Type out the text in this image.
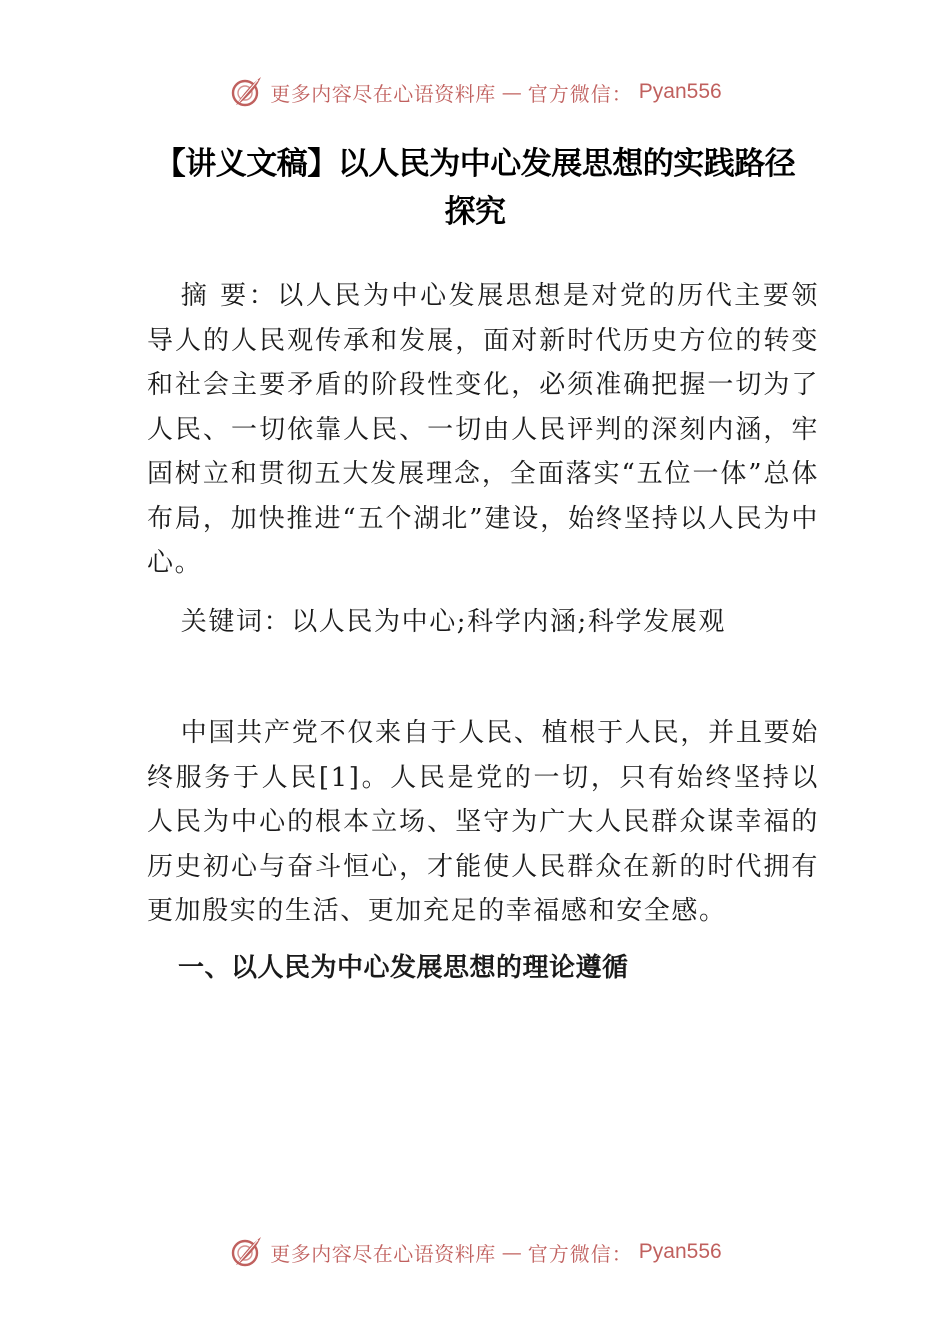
更多内容尽在心语资料库 — 官方微信： Pyan556
【讲义文稿】以人民为中心发展思想的实践路径探究

摘 要：以人民为中心发展思想是对党的历代主要领导人的人民观传承和发展，面对新时代历史方位的转变和社会主要矛盾的阶段性变化，必须准确把握一切为了人民、一切依靠人民、一切由人民评判的深刻内涵，牢固树立和贯彻五大发展理念，全面落实“五位一体”总体布局，加快推进“五个湖北”建设，始终坚持以人民为中心。

关键词：以人民为中心;科学内涵;科学发展观

中国共产党不仅来自于人民、植根于人民，并且要始终服务于人民[1]。人民是党的一切，只有始终坚持以人民为中心的根本立场、坚守为广大人民群众谋幸福的历史初心与奋斗恒心，才能使人民群众在新的时代拥有更加殷实的生活、更加充足的幸福感和安全感。

一、以人民为中心发展思想的理论遵循
更多内容尽在心语资料库 — 官方微信： Pyan556
